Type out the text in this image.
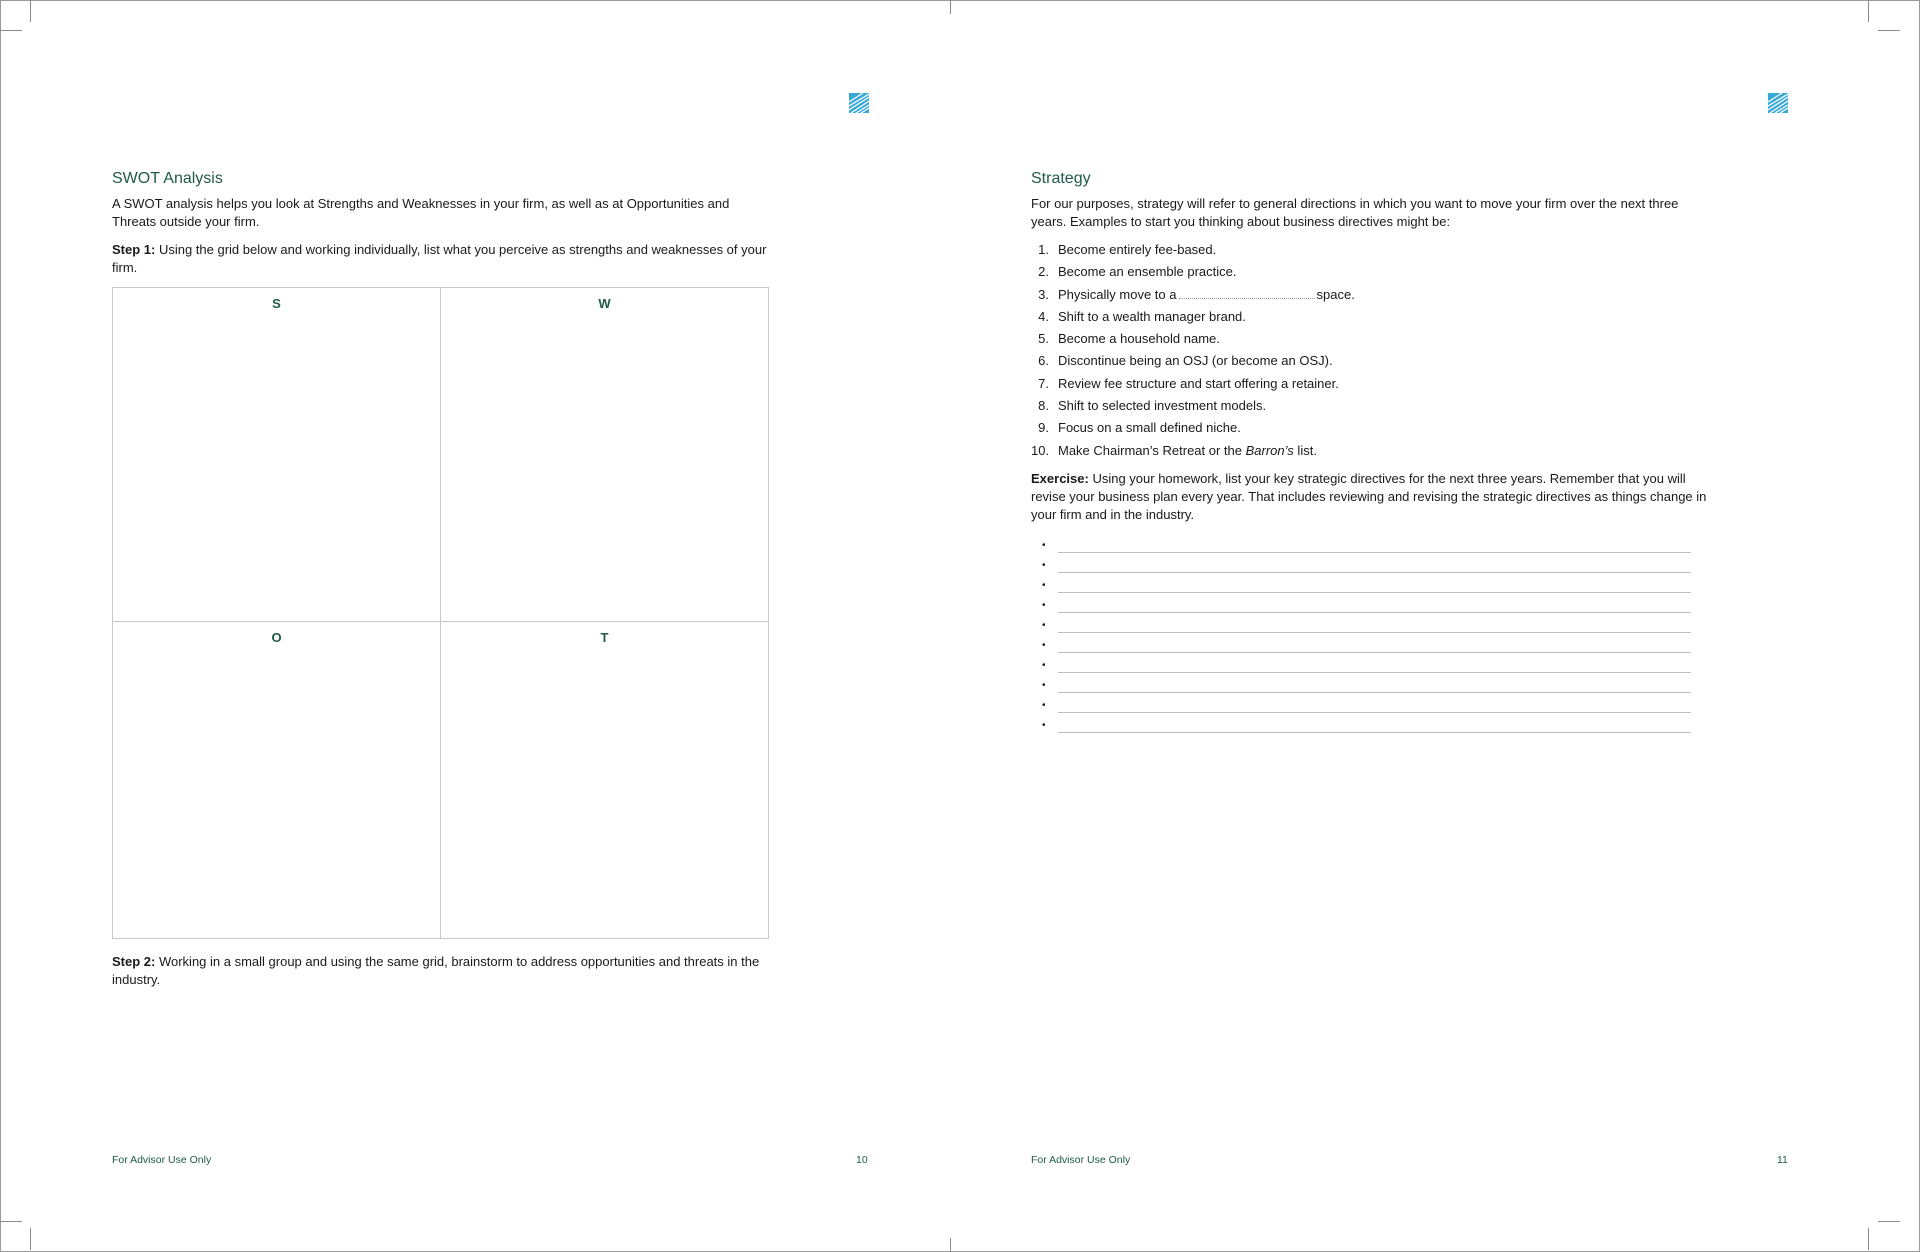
SWOT Analysis

A SWOT analysis helps you look at Strengths and Weaknesses in your firm, as well as at Opportunities and Threats outside your firm.

Step 1: Using the grid below and working individually, list what you perceive as strengths and weaknesses of your firm.

S	W
O	T

Step 2: Working in a small group and using the same grid, brainstorm to address opportunities and threats in the industry.

For Advisor Use Only	10
Strategy

For our purposes, strategy will refer to general directions in which you want to move your firm over the next three years. Examples to start you thinking about business directives might be:

1. Become entirely fee-based.
2. Become an ensemble practice.
3. Physically move to a	space.
4. Shift to a wealth manager brand.
5. Become a household name.
6. Discontinue being an OSJ (or become an OSJ).
7. Review fee structure and start offering a retainer.
8. Shift to selected investment models.
9. Focus on a small defined niche.
10. Make Chairman’s Retreat or the Barron’s list.

Exercise: Using your homework, list your key strategic directives for the next three years. Remember that you will revise your business plan every year. That includes reviewing and revising the strategic directives as things change in your firm and in the industry.

•
•
•
•
•
•
•
•
•
•
For Advisor Use Only	11
